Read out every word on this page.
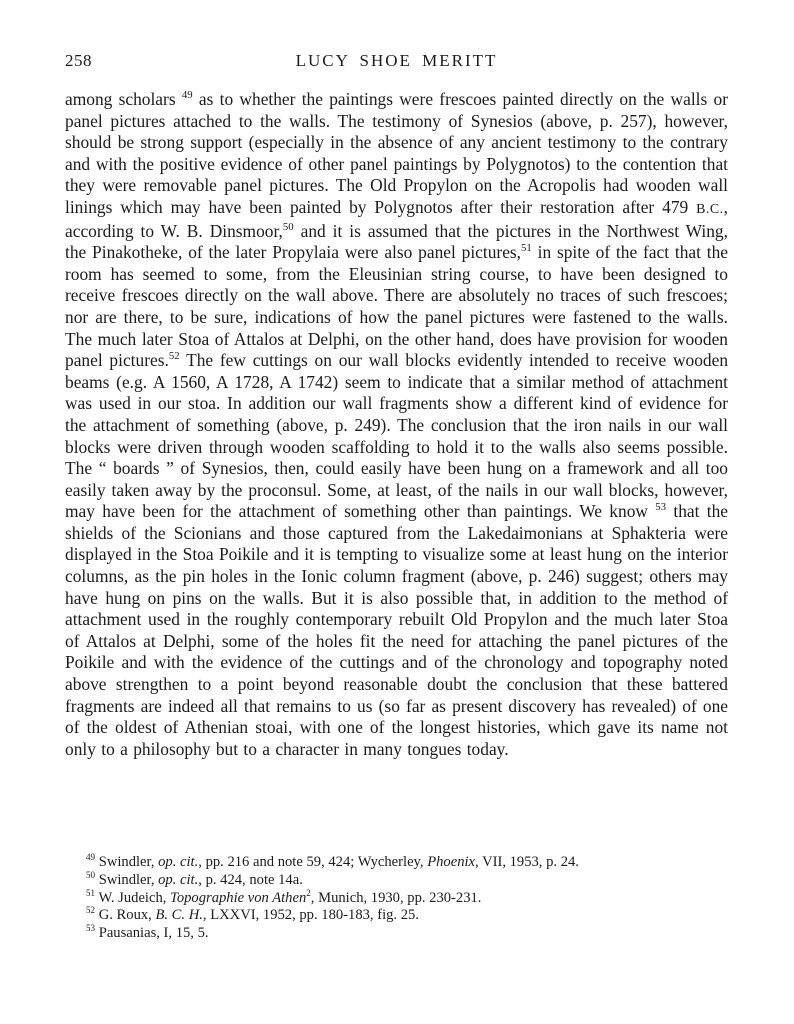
258	LUCY SHOE MERITT
among scholars $^{49}$ as to whether the paintings were frescoes painted directly on the walls or panel pictures attached to the walls. The testimony of Synesios (above, p. 257), however, should be strong support (especially in the absence of any ancient testimony to the contrary and with the positive evidence of other panel paintings by Polygnotos) to the contention that they were removable panel pictures. The Old Propylon on the Acropolis had wooden wall linings which may have been painted by Polygnotos after their restoration after 479 B.C., according to W. B. Dinsmoor,$^{50}$ and it is assumed that the pictures in the Northwest Wing, the Pinakotheke, of the later Propylaia were also panel pictures,$^{51}$ in spite of the fact that the room has seemed to some, from the Eleusinian string course, to have been designed to receive frescoes directly on the wall above. There are absolutely no traces of such frescoes; nor are there, to be sure, indications of how the panel pictures were fastened to the walls. The much later Stoa of Attalos at Delphi, on the other hand, does have provision for wooden panel pictures.$^{52}$ The few cuttings on our wall blocks evidently intended to receive wooden beams (e.g. A 1560, A 1728, A 1742) seem to indicate that a similar method of attachment was used in our stoa. In addition our wall fragments show a different kind of evidence for the attachment of something (above, p. 249). The conclusion that the iron nails in our wall blocks were driven through wooden scaffolding to hold it to the walls also seems possible. The “ boards ” of Synesios, then, could easily have been hung on a framework and all too easily taken away by the proconsul. Some, at least, of the nails in our wall blocks, however, may have been for the attachment of something other than paintings. We know $^{53}$ that the shields of the Scionians and those captured from the Lakedaimonians at Sphakteria were displayed in the Stoa Poikile and it is tempting to visualize some at least hung on the interior columns, as the pin holes in the Ionic column fragment (above, p. 246) suggest; others may have hung on pins on the walls. But it is also possible that, in addition to the method of attachment used in the roughly contemporary rebuilt Old Propylon and the much later Stoa of Attalos at Delphi, some of the holes fit the need for attaching the panel pictures of the Poikile and with the evidence of the cuttings and of the chronology and topography noted above strengthen to a point beyond reasonable doubt the conclusion that these battered fragments are indeed all that remains to us (so far as present discovery has revealed) of one of the oldest of Athenian stoai, with one of the longest histories, which gave its name not only to a philosophy but to a character in many tongues today.
$^{49}$ Swindler, op. cit., pp. 216 and note 59, 424; Wycherley, Phoenix, VII, 1953, p. 24.
$^{50}$ Swindler, op. cit., p. 424, note 14a.
$^{51}$ W. Judeich, Topographie von Athen$^2$, Munich, 1930, pp. 230-231.
$^{52}$ G. Roux, B. C. H., LXXVI, 1952, pp. 180-183, fig. 25.
$^{53}$ Pausanias, I, 15, 5.
